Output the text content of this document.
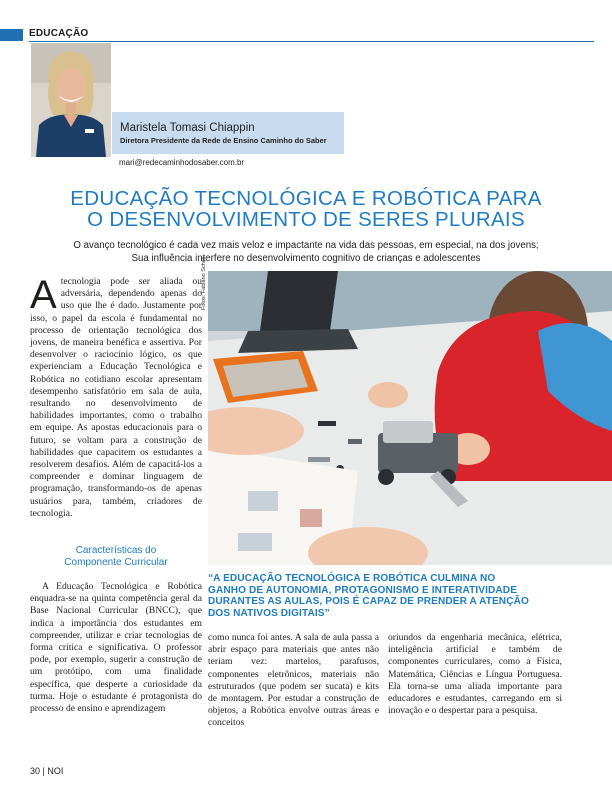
EDUCAÇÃO
Maristela Tomasi Chiappin
Diretora Presidente da Rede de Ensino Caminho do Saber
mari@redecaminhodosaber.com.br
EDUCAÇÃO TECNOLÓGICA E ROBÓTICA PARA
O DESENVOLVIMENTO DE SERES PLURAIS
O avanço tecnológico é cada vez mais veloz e impactante na vida das pessoas, em especial, na dos jovens;
Sua influência interfere no desenvolvimento cognitivo de crianças e adolescentes

Atecnologia pode ser aliada ou adversária, dependendo apenas do uso que lhe é dado. Justamente por isso, o papel da escola é fundamental no processo de orientação tecnológica dos jovens, de maneira benéfica e assertiva. Por desenvolver o raciocínio lógico, os que experienciam a Educação Tecnológica e Robótica no cotidiano escolar apresentam desempenho satisfatório em sala de aula, resultando no desenvolvimento de habilidades importantes, como o trabalho em equipe. As apostas educacionais para o futuro, se voltam para a construção de habilidades que capacitem os estudantes a resolverem desafios. Além de capacitá-los a compreender e dominar linguagem de programação, transformando-os de apenas usuários para, também, criadores de tecnologia.

Características do
Componente Curricular

A Educação Tecnológica e Robótica enquadra-se na quinta competência geral da Base Nacional Curricular (BNCC), que indica a importância dos estudantes em compreender, utilizar e criar tecnologias de forma crítica e significativa. O professor pode, por exemplo, sugerir a construção de um protótipo, com uma finalidade específica, que desperte a curiosidade da turma. Hoje o estudante é protagonista do processo de ensino e aprendizagem

Fotos: Fabiano Schell
“A EDUCAÇÃO TECNOLÓGICA E ROBÓTICA CULMINA NO
GANHO DE AUTONOMIA, PROTAGONISMO E INTERATIVIDADE
DURANTES AS AULAS, POIS É CAPAZ DE PRENDER A ATENÇÃO
DOS NATIVOS DIGITAIS”

como nunca foi antes. A sala de aula passa a abrir espaço para materiais que antes não teriam vez: martelos, parafusos, componentes eletrônicos, materiais não estruturados (que podem ser sucata) e kits de montagem. Por estudar a construção de objetos, a Robótica envolve outras áreas e conceitos

oriundos da engenharia mecânica, elétrica, inteligência artificial e também de componentes curriculares, como a Física, Matemática, Ciências e Língua Portuguesa. Ela torna-se uma aliada importante para educadores e estudantes, carregando em si inovação e o despertar para a pesquisa.

30 | NOI
